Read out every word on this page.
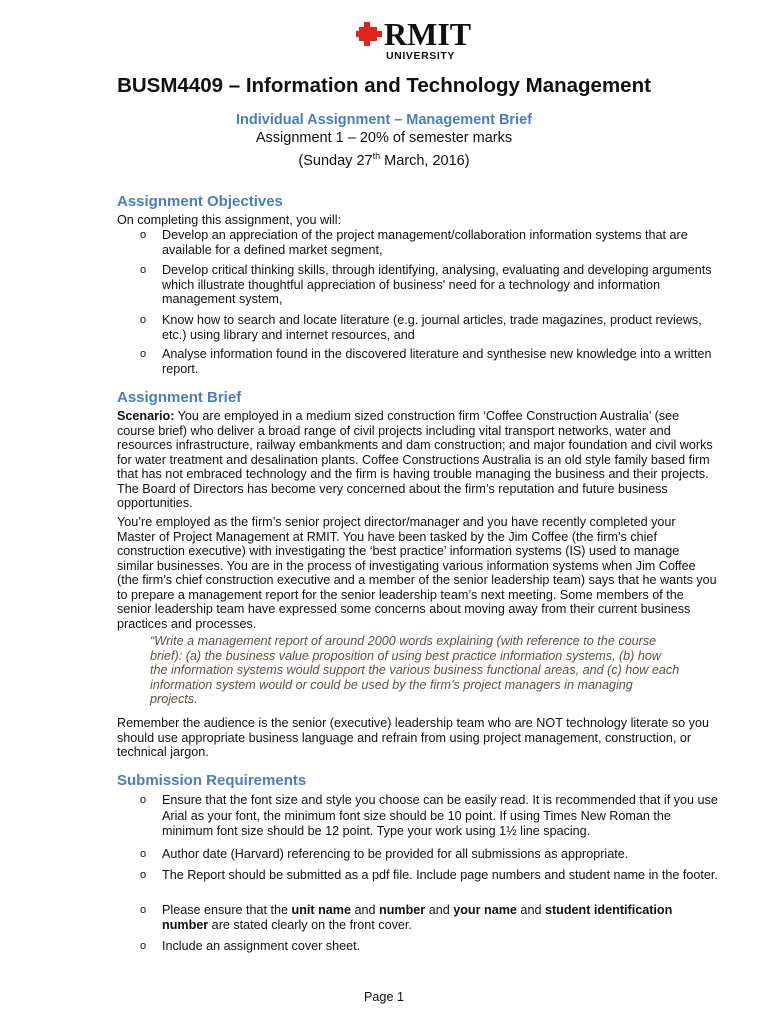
RMIT
UNIVERSITY
BUSM4409 – Information and Technology Management
Individual Assignment – Management Brief
Assignment 1 – 20% of semester marks
(Sunday 27th March, 2016)
Assignment Objectives
On completing this assignment, you will:
o Develop an appreciation of the project management/collaboration information systems that are available for a defined market segment,
o Develop critical thinking skills, through identifying, analysing, evaluating and developing arguments which illustrate thoughtful appreciation of business' need for a technology and information management system,
o Know how to search and locate literature (e.g. journal articles, trade magazines, product reviews, etc.) using library and internet resources, and
o Analyse information found in the discovered literature and synthesise new knowledge into a written report.
Assignment Brief
Scenario: You are employed in a medium sized construction firm ‘Coffee Construction Australia’ (see course brief) who deliver a broad range of civil projects including vital transport networks, water and resources infrastructure, railway embankments and dam construction; and major foundation and civil works for water treatment and desalination plants. Coffee Constructions Australia is an old style family based firm that has not embraced technology and the firm is having trouble managing the business and their projects. The Board of Directors has become very concerned about the firm’s reputation and future business opportunities.
You’re employed as the firm’s senior project director/manager and you have recently completed your Master of Project Management at RMIT. You have been tasked by the Jim Coffee (the firm’s chief construction executive) with investigating the ‘best practice’ information systems (IS) used to manage similar businesses. You are in the process of investigating various information systems when Jim Coffee (the firm’s chief construction executive and a member of the senior leadership team) says that he wants you to prepare a management report for the senior leadership team’s next meeting. Some members of the senior leadership team have expressed some concerns about moving away from their current business practices and processes.
“Write a management report of around 2000 words explaining (with reference to the course brief): (a) the business value proposition of using best practice information systems, (b) how the information systems would support the various business functional areas, and (c) how each information system would or could be used by the firm’s project managers in managing projects.
Remember the audience is the senior (executive) leadership team who are NOT technology literate so you should use appropriate business language and refrain from using project management, construction, or technical jargon.
Submission Requirements
o Ensure that the font size and style you choose can be easily read. It is recommended that if you use Arial as your font, the minimum font size should be 10 point. If using Times New Roman the minimum font size should be 12 point. Type your work using 1½ line spacing.
o Author date (Harvard) referencing to be provided for all submissions as appropriate.
o The Report should be submitted as a pdf file. Include page numbers and student name in the footer.
o Please ensure that the unit name and number and your name and student identification number are stated clearly on the front cover.
o Include an assignment cover sheet.
Page 1
